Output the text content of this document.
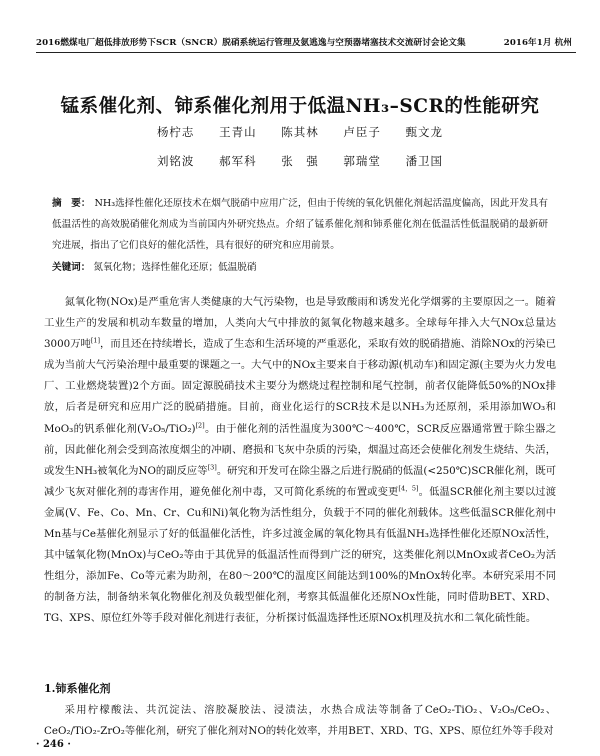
2016燃煤电厂超低排放形势下SCR（SNCR）脱硝系统运行管理及氨逃逸与空预器堵塞技术交流研讨会论文集	2016年1月 杭州
锰系催化剂、铈系催化剂用于低温NH₃–SCR的性能研究
杨柠志 王青山 陈其林 卢臣子 甄文龙
刘铭波 郝军科 张　强 郭瑞堂 潘卫国
摘　要： NH₃选择性催化还原技术在烟气脱硝中应用广泛，但由于传统的氧化钒催化剂起活温度偏高，因此开发具有低温活性的高效脱硝催化剂成为当前国内外研究热点。介绍了锰系催化剂和铈系催化剂在低温活性低温脱硝的最新研究进展，指出了它们良好的催化活性，具有很好的研究和应用前景。
关键词： 氮氧化物；选择性催化还原；低温脱硝

氮氧化物(NOx)是严重危害人类健康的大气污染物，也是导致酸雨和诱发光化学烟雾的主要原因之一。随着工业生产的发展和机动车数量的增加，人类向大气中排放的氮氧化物越来越多。全球每年排入大气NOx总量达3000万吨[1]，而且还在持续增长，造成了生态和生活环境的严重恶化，采取有效的脱硝措施、消除NOx的污染已成为当前大气污染治理中最重要的课题之一。大气中的NOx主要来自于移动源(机动车)和固定源(主要为火力发电厂、工业燃烧装置)2个方面。固定源脱硝技术主要分为燃烧过程控制和尾气控制，前者仅能降低50%的NOx排放，后者是研究和应用广泛的脱硝措施。目前，商业化运行的SCR技术是以NH₃为还原剂，采用添加WO₃和MoO₃的钒系催化剂(V₂O₅/TiO₂)[2]。由于催化剂的活性温度为300℃～400℃，SCR反应器通常置于除尘器之前，因此催化剂会受到高浓度烟尘的冲刷、磨损和飞灰中杂质的污染，烟温过高还会使催化剂发生烧结、失活，或发生NH₃被氧化为NO的副反应等[3]。研究和开发可在除尘器之后进行脱硝的低温(<250℃)SCR催化剂，既可减少飞灰对催化剂的毒害作用，避免催化剂中毒，又可简化系统的布置或变更[4，5]。低温SCR催化剂主要以过渡金属(V、Fe、Co、Mn、Cr、Cu和Ni)氧化物为活性组分，负载于不同的催化剂载体。这些低温SCR催化剂中Mn基与Ce基催化剂显示了好的低温催化活性，许多过渡金属的氧化物具有低温NH₃选择性催化还原NOx活性，其中锰氧化物(MnOx)与CeO₂等由于其优异的低温活性而得到广泛的研究，这类催化剂以MnOx或者CeO₂为活性组分，添加Fe、Co等元素为助剂，在80～200℃的温度区间能达到100%的MnOx转化率。本研究采用不同的制备方法，制备纳米氧化物催化剂及负载型催化剂，考察其低温催化还原NOx性能，同时借助BET、XRD、TG、XPS、原位红外等手段对催化剂进行表征，分析探讨低温选择性还原NOx机理及抗水和二氧化硫性能。

1.铈系催化剂

采用柠檬酸法、共沉淀法、溶胶凝胶法、浸渍法，水热合成法等制备了CeO₂-TiO₂、V₂O₅/CeO₂、CeO₂/TiO₂-ZrO₂等催化剂，研究了催化剂对NO的转化效率，并用BET、XRD、TG、XPS、原位红外等手段对

· 246 ·
